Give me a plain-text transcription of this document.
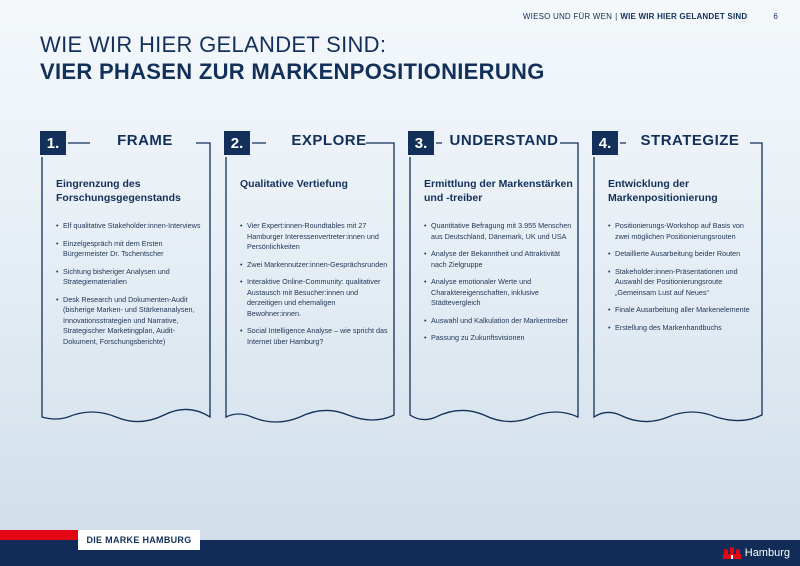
WIESO UND FÜR WEN | WIE WIR HIER GELANDET SIND	6
WIE WIR HIER GELANDET SIND:
VIER PHASEN ZUR MARKENPOSITIONIERUNG
1.	FRAME
Eingrenzung des Forschungsgegenstands
• Elf qualitative Stakeholder:innen-Interviews
• Einzelgespräch mit dem Ersten Bürgermeister Dr. Tschentscher
• Sichtung bisheriger Analysen und Strategiematerialien
• Desk Research und Dokumenten-Audit (bisherige Marken- und Stärkenanalysen, Innovationsstrategien und Narrative, Strategischer Marketingplan, Audit-Dokument, Forschungsberichte)
2.	EXPLORE
Qualitative Vertiefung
• Vier Expert:innen-Roundtables mit 27 Hamburger Interessenvertreter:innen und Persönlichkeiten
• Zwei Markennutzer:innen-Gesprächsrunden
• Interaktive Online-Community: qualitativer Austausch mit Besucher:innen und derzeitigen und ehemaligen Bewohner:innen.
• Social Intelligence Analyse – wie spricht das Internet über Hamburg?
3.	UNDERSTAND
Ermittlung der Markenstärken und -treiber
• Quantitative Befragung mit 3.955 Menschen aus Deutschland, Dänemark, UK und USA
• Analyse der Bekanntheit und Attraktivität nach Zielgruppe
• Analyse emotionaler Werte und Charaktereigenschaften, inklusive Städtevergleich
• Auswahl und Kalkulation der Markentreiber
• Passung zu Zukunftsvisionen
4.	STRATEGIZE
Entwicklung der Markenpositionierung
• Positionierungs-Workshop auf Basis von zwei möglichen Positionierungsrouten
• Detaillierte Ausarbeitung beider Routen
• Stakeholder:innen-Präsentationen und Auswahl der Positionierungsroute „Gemeinsam Lust auf Neues“
• Finale Ausarbeitung aller Markenelemente
• Erstellung des Markenhandbuchs
DIE MARKE HAMBURG
Hamburg
